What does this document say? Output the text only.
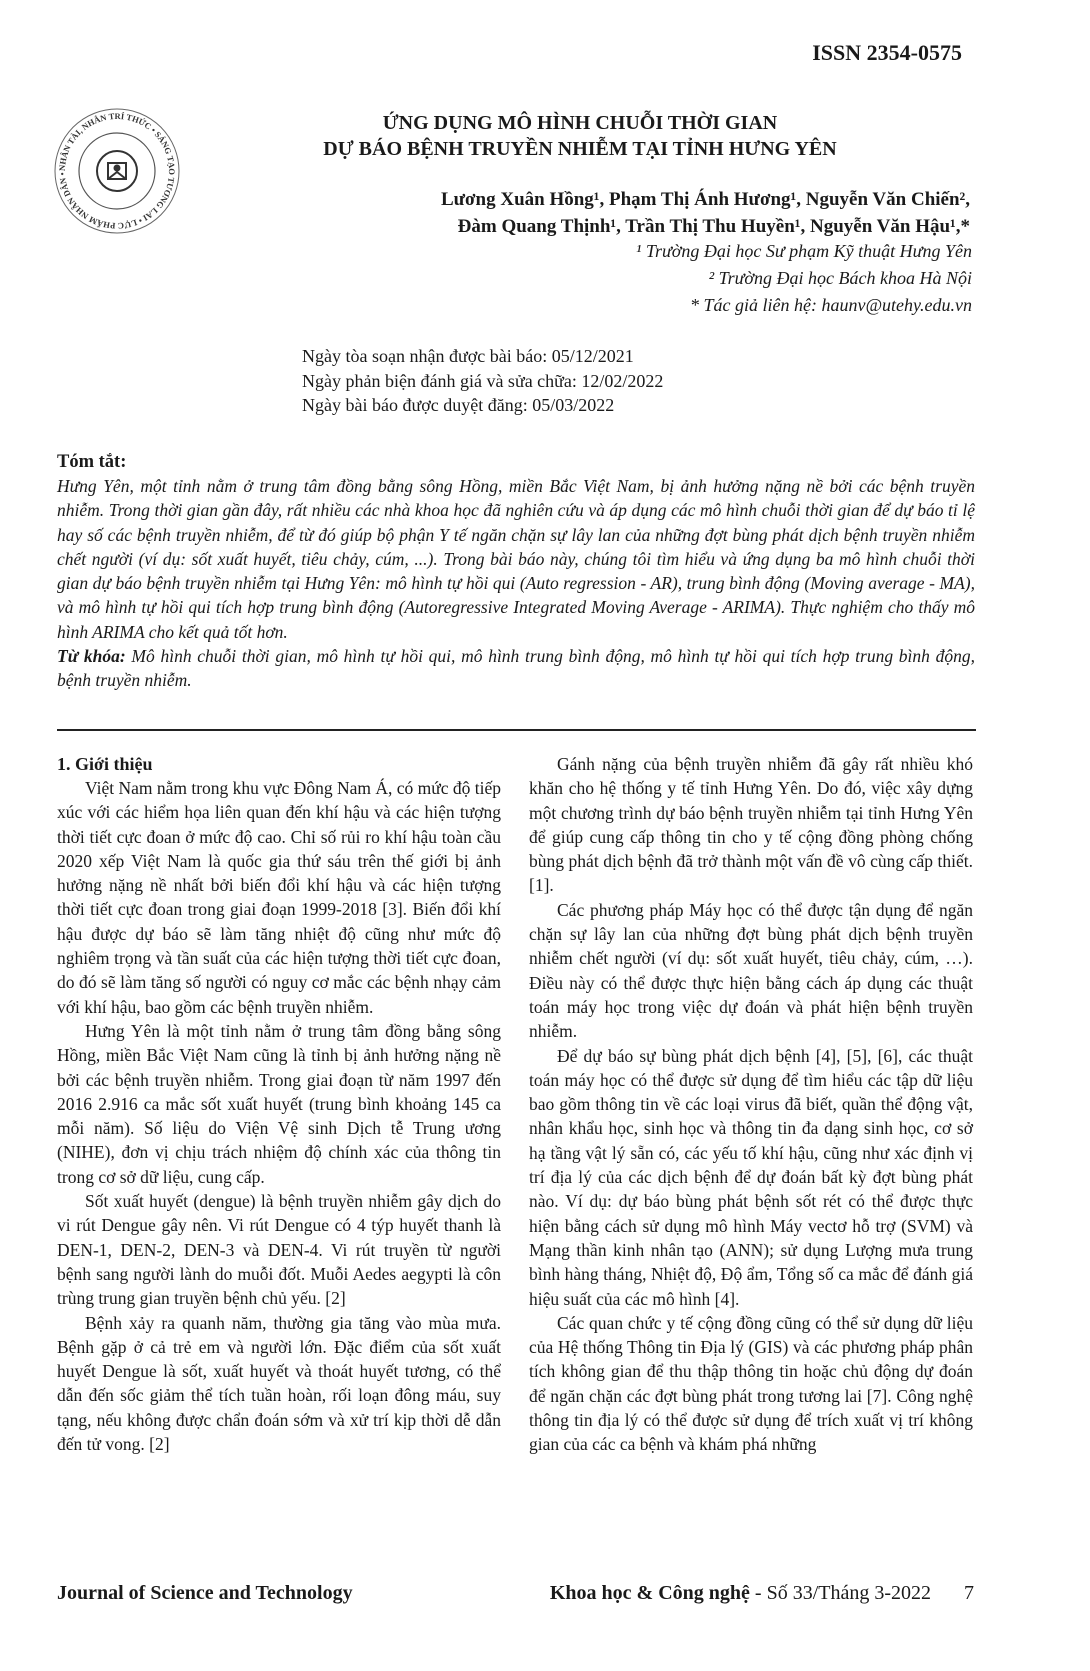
ISSN 2354-0575
NHÂN TÀI, NHÂN TRÍ THỨC • SÁNG TẠO TƯƠNG LAI • LỰC PHẨM NHÂN DÂN •
ỨNG DỤNG MÔ HÌNH CHUỖI THỜI GIAN
DỰ BÁO BỆNH TRUYỀN NHIỄM TẠI TỈNH HƯNG YÊN
Lương Xuân Hồng¹, Phạm Thị Ánh Hương¹, Nguyễn Văn Chiến²,
Đàm Quang Thịnh¹, Trần Thị Thu Huyền¹, Nguyễn Văn Hậu¹,*
¹ Trường Đại học Sư phạm Kỹ thuật Hưng Yên
² Trường Đại học Bách khoa Hà Nội
* Tác giả liên hệ: haunv@utehy.edu.vn
Ngày tòa soạn nhận được bài báo: 05/12/2021
Ngày phản biện đánh giá và sửa chữa: 12/02/2022
Ngày bài báo được duyệt đăng: 05/03/2022
Tóm tắt:
Hưng Yên, một tỉnh nằm ở trung tâm đồng bằng sông Hồng, miền Bắc Việt Nam, bị ảnh hưởng nặng nề bởi các bệnh truyền nhiễm. Trong thời gian gần đây, rất nhiều các nhà khoa học đã nghiên cứu và áp dụng các mô hình chuỗi thời gian để dự báo tỉ lệ hay số các bệnh truyền nhiễm, để từ đó giúp bộ phận Y tế ngăn chặn sự lây lan của những đợt bùng phát dịch bệnh truyền nhiễm chết người (ví dụ: sốt xuất huyết, tiêu chảy, cúm, ...). Trong bài báo này, chúng tôi tìm hiểu và ứng dụng ba mô hình chuỗi thời gian dự báo bệnh truyền nhiễm tại Hưng Yên: mô hình tự hồi qui (Auto regression - AR), trung bình động (Moving average - MA), và mô hình tự hồi qui tích hợp trung bình động (Autoregressive Integrated Moving Average - ARIMA). Thực nghiệm cho thấy mô hình ARIMA cho kết quả tốt hơn.
Từ khóa: Mô hình chuỗi thời gian, mô hình tự hồi qui, mô hình trung bình động, mô hình tự hồi qui tích hợp trung bình động, bệnh truyền nhiễm.
1. Giới thiệu

Việt Nam nằm trong khu vực Đông Nam Á, có mức độ tiếp xúc với các hiểm họa liên quan đến khí hậu và các hiện tượng thời tiết cực đoan ở mức độ cao. Chỉ số rủi ro khí hậu toàn cầu 2020 xếp Việt Nam là quốc gia thứ sáu trên thế giới bị ảnh hưởng nặng nề nhất bởi biến đổi khí hậu và các hiện tượng thời tiết cực đoan trong giai đoạn 1999-2018 [3]. Biến đổi khí hậu được dự báo sẽ làm tăng nhiệt độ cũng như mức độ nghiêm trọng và tần suất của các hiện tượng thời tiết cực đoan, do đó sẽ làm tăng số người có nguy cơ mắc các bệnh nhạy cảm với khí hậu, bao gồm các bệnh truyền nhiễm.

Hưng Yên là một tỉnh nằm ở trung tâm đồng bằng sông Hồng, miền Bắc Việt Nam cũng là tỉnh bị ảnh hưởng nặng nề bởi các bệnh truyền nhiễm. Trong giai đoạn từ năm 1997 đến 2016 2.916 ca mắc sốt xuất huyết (trung bình khoảng 145 ca mỗi năm). Số liệu do Viện Vệ sinh Dịch tễ Trung ương (NIHE), đơn vị chịu trách nhiệm độ chính xác của thông tin trong cơ sở dữ liệu, cung cấp.

Sốt xuất huyết (dengue) là bệnh truyền nhiễm gây dịch do vi rút Dengue gây nên. Vi rút Dengue có 4 týp huyết thanh là DEN-1, DEN-2, DEN-3 và DEN-4. Vi rút truyền từ người bệnh sang người lành do muỗi đốt. Muỗi Aedes aegypti là côn trùng trung gian truyền bệnh chủ yếu. [2]

Bệnh xảy ra quanh năm, thường gia tăng vào mùa mưa. Bệnh gặp ở cả trẻ em và người lớn. Đặc điểm của sốt xuất huyết Dengue là sốt, xuất huyết và thoát huyết tương, có thể dẫn đến sốc giảm thể tích tuần hoàn, rối loạn đông máu, suy tạng, nếu không được chẩn đoán sớm và xử trí kịp thời dễ dẫn đến tử vong. [2]

Gánh nặng của bệnh truyền nhiễm đã gây rất nhiều khó khăn cho hệ thống y tế tỉnh Hưng Yên. Do đó, việc xây dựng một chương trình dự báo bệnh truyền nhiễm tại tỉnh Hưng Yên để giúp cung cấp thông tin cho y tế cộng đồng phòng chống bùng phát dịch bệnh đã trở thành một vấn đề vô cùng cấp thiết. [1].

Các phương pháp Máy học có thể được tận dụng để ngăn chặn sự lây lan của những đợt bùng phát dịch bệnh truyền nhiễm chết người (ví dụ: sốt xuất huyết, tiêu chảy, cúm, …). Điều này có thể được thực hiện bằng cách áp dụng các thuật toán máy học trong việc dự đoán và phát hiện bệnh truyền nhiễm.

Để dự báo sự bùng phát dịch bệnh [4], [5], [6], các thuật toán máy học có thể được sử dụng để tìm hiểu các tập dữ liệu bao gồm thông tin về các loại virus đã biết, quần thể động vật, nhân khẩu học, sinh học và thông tin đa dạng sinh học, cơ sở hạ tầng vật lý sẵn có, các yếu tố khí hậu, cũng như xác định vị trí địa lý của các dịch bệnh để dự đoán bất kỳ đợt bùng phát nào. Ví dụ: dự báo bùng phát bệnh sốt rét có thể được thực hiện bằng cách sử dụng mô hình Máy vectơ hỗ trợ (SVM) và Mạng thần kinh nhân tạo (ANN); sử dụng Lượng mưa trung bình hàng tháng, Nhiệt độ, Độ ẩm, Tổng số ca mắc để đánh giá hiệu suất của các mô hình [4].

Các quan chức y tế cộng đồng cũng có thể sử dụng dữ liệu của Hệ thống Thông tin Địa lý (GIS) và các phương pháp phân tích không gian để thu thập thông tin hoặc chủ động dự đoán để ngăn chặn các đợt bùng phát trong tương lai [7]. Công nghệ thông tin địa lý có thể được sử dụng để trích xuất vị trí không gian của các ca bệnh và khám phá những

Journal of Science and Technology	Khoa học & Công nghệ - Số 33/Tháng 3-2022 7
